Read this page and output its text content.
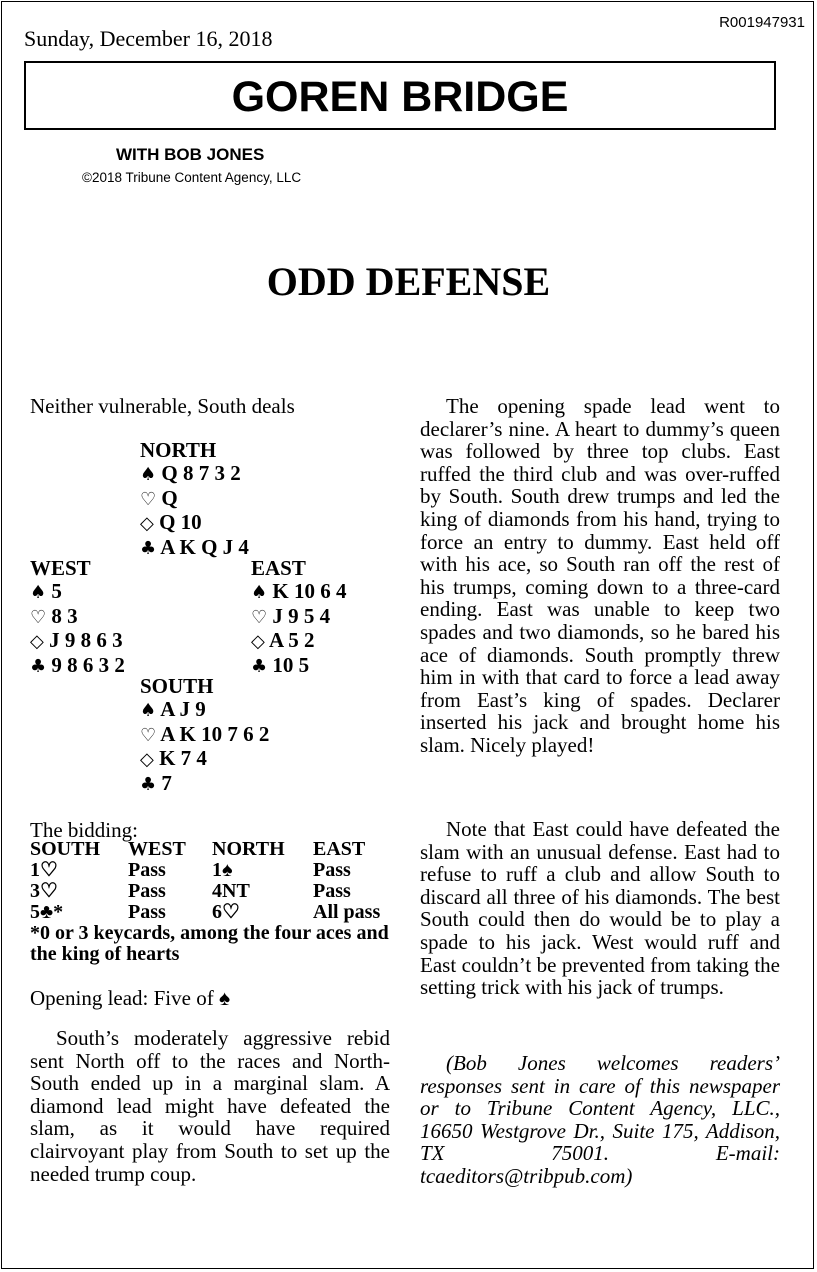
Sunday, December 16, 2018
R001947931
GOREN BRIDGE
WITH BOB JONES
©2018 Tribune Content Agency, LLC
ODD DEFENSE
Neither vulnerable, South deals
NORTH
♠ Q 8 7 3 2
♡ Q
◇ Q 10
♣ A K Q J 4
WEST
♠ 5
♡ 8 3
◇ J 9 8 6 3
♣ 9 8 6 3 2
EAST
♠ K 10 6 4
♡ J 9 5 4
◇ A 5 2
♣ 10 5
SOUTH
♠ A J 9
♡ A K 10 7 6 2
◇ K 7 4
♣ 7
The bidding:
SOUTH WEST NORTH EAST
1♡	Pass 1♠	Pass
3♡	Pass 4NT	Pass
5♣*	Pass 6♡	All pass
*0 or 3 keycards, among the four aces and the king of hearts
Opening lead: Five of ♠
South’s moderately aggressive rebid sent North off to the races and North-South ended up in a marginal slam. A diamond lead might have defeated the slam, as it would have required clairvoyant play from South to set up the needed trump coup.
The opening spade lead went to declarer’s nine. A heart to dummy’s queen was followed by three top clubs. East ruffed the third club and was over-ruffed by South. South drew trumps and led the king of diamonds from his hand, trying to force an entry to dummy. East held off with his ace, so South ran off the rest of his trumps, coming down to a three-card ending. East was unable to keep two spades and two diamonds, so he bared his ace of diamonds. South promptly threw him in with that card to force a lead away from East’s king of spades. Declarer inserted his jack and brought home his slam. Nicely played!
Note that East could have defeated the slam with an unusual defense. East had to refuse to ruff a club and allow South to discard all three of his diamonds. The best South could then do would be to play a spade to his jack. West would ruff and East couldn’t be prevented from taking the setting trick with his jack of trumps.
(Bob Jones welcomes readers’ responses sent in care of this newspaper or to Tribune Content Agency, LLC., 16650 Westgrove Dr., Suite 175, Addison, TX 75001. E-mail: tcaeditors@tribpub.com)
